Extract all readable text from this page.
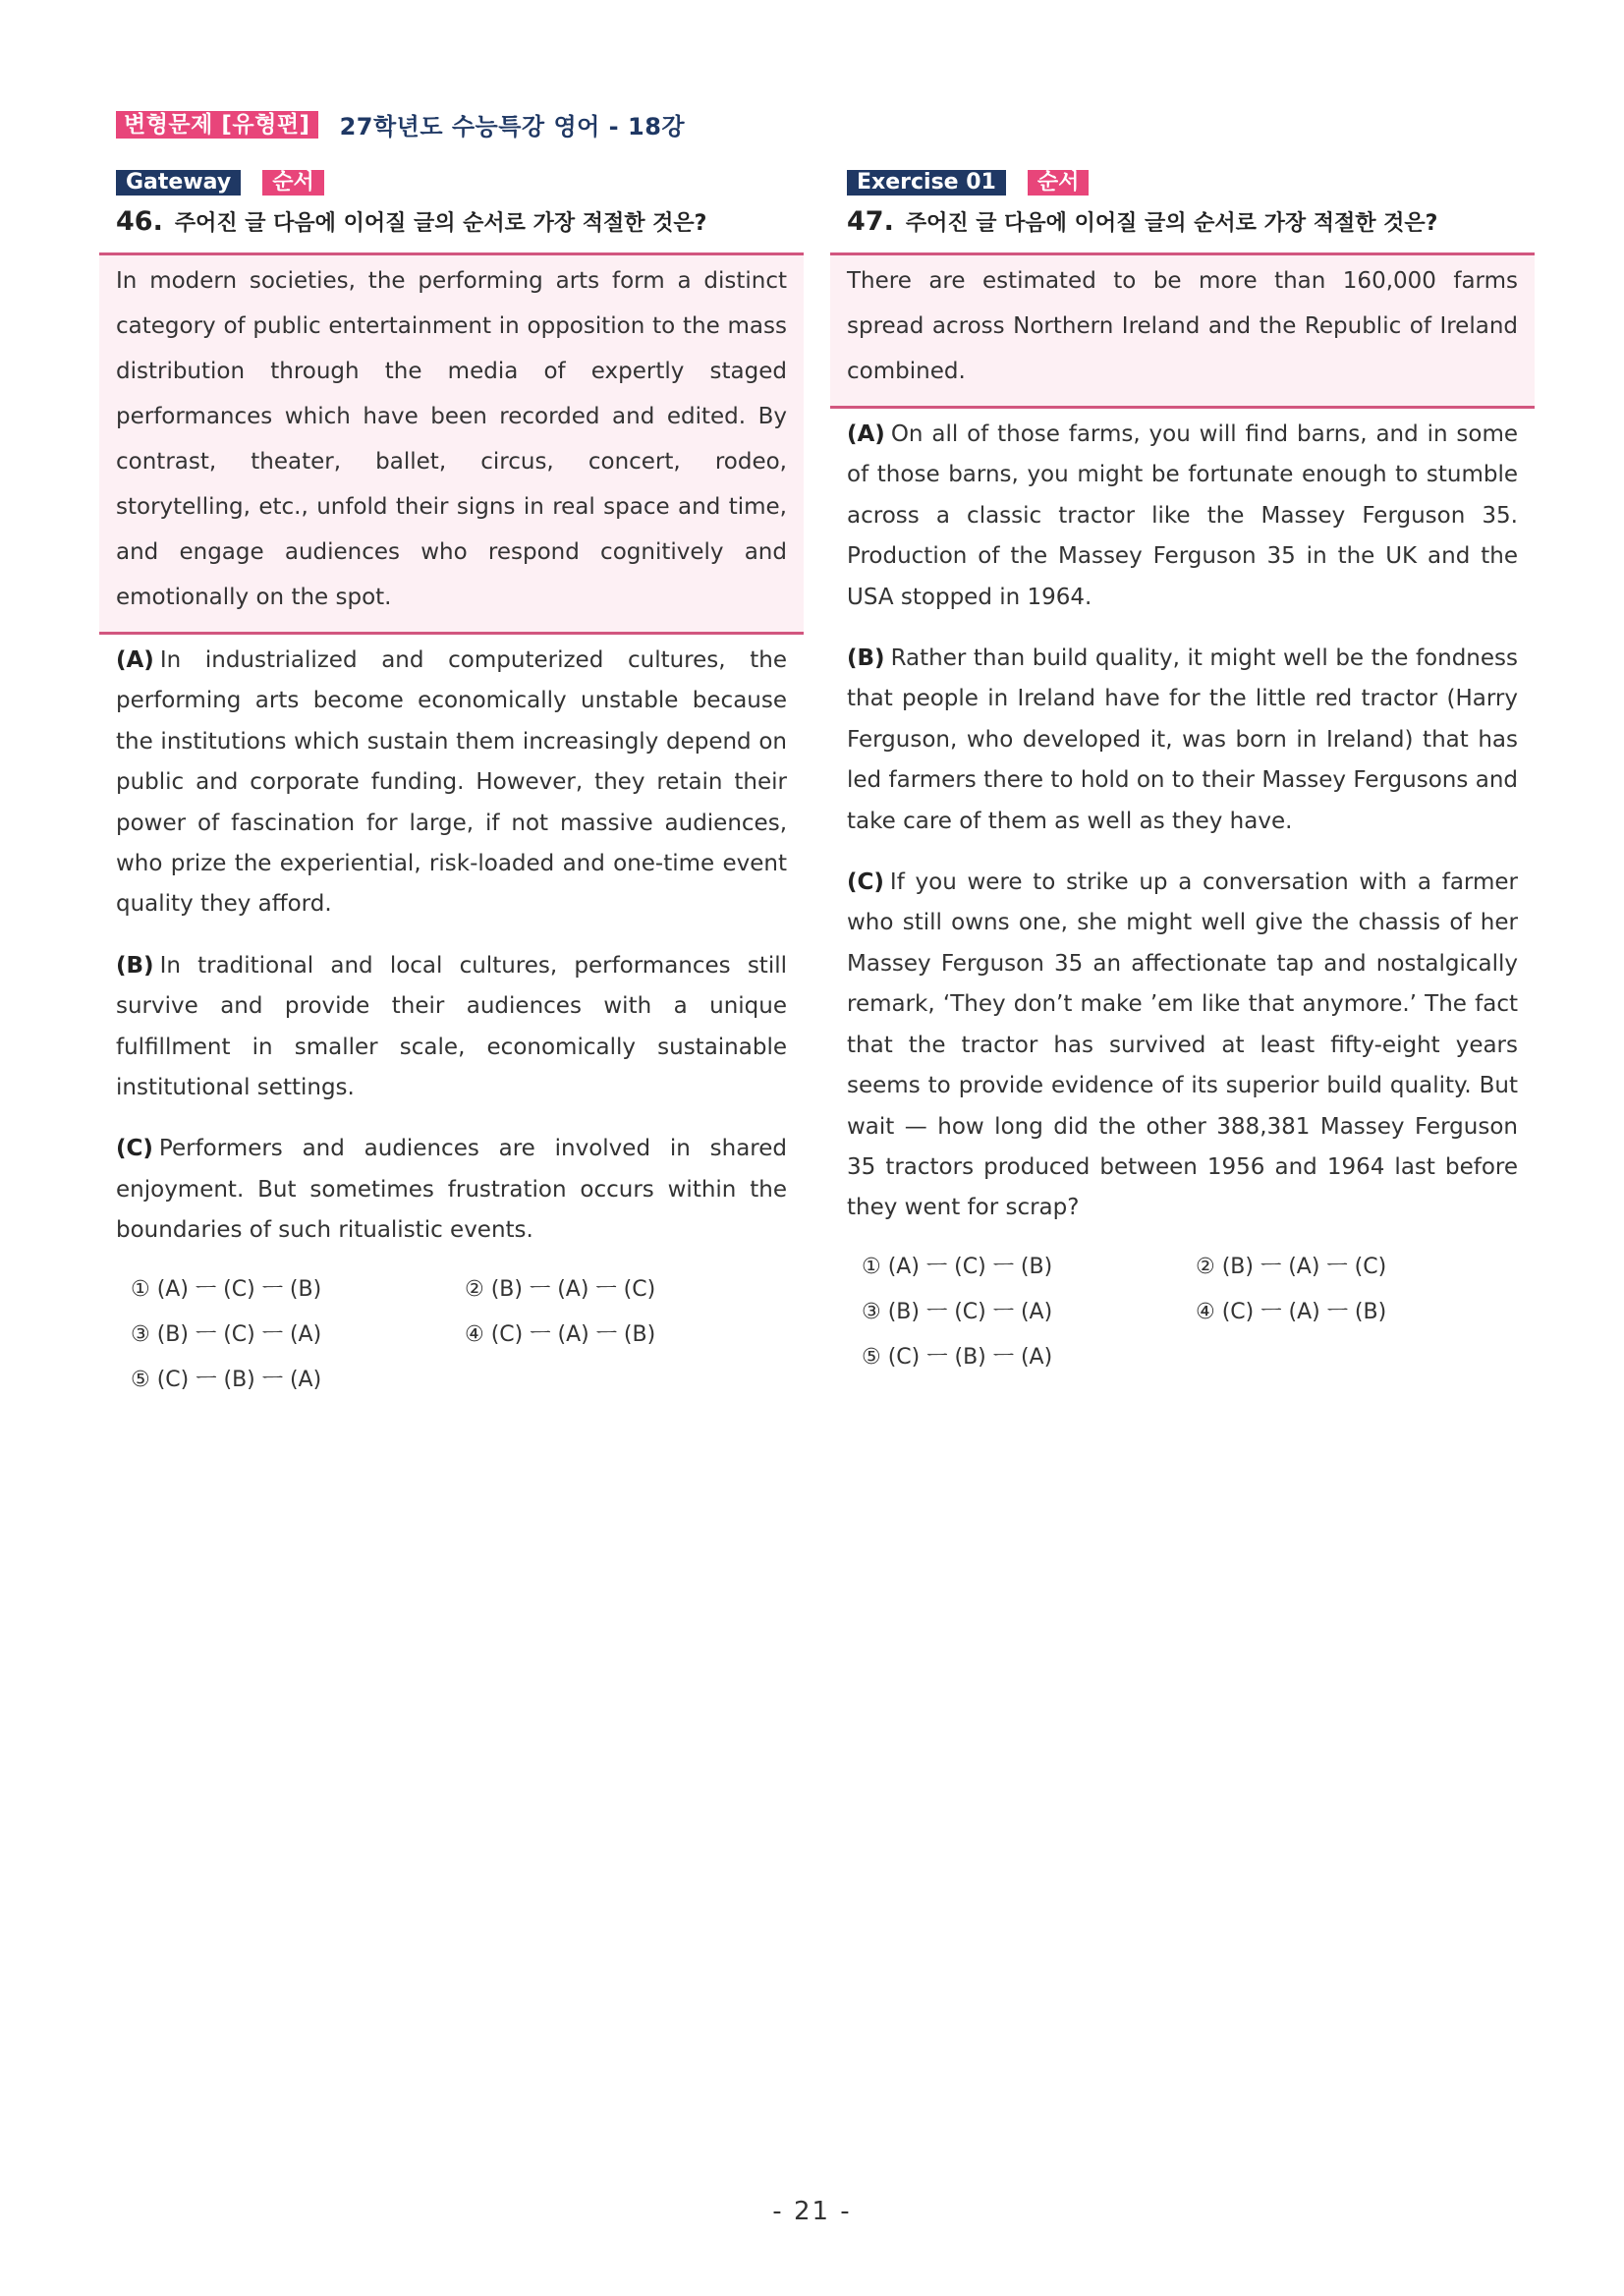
변형문제 [유형편]	27학년도 수능특강 영어 - 18강
Gateway	순서
46. 주어진 글 다음에 이어질 글의 순서로 가장 적절한 것은?

In modern societies, the performing arts form a distinct category of public entertainment in opposition to the mass distribution through the media of expertly staged performances which have been recorded and edited. By contrast, theater, ballet, circus, concert, rodeo, storytelling, etc., unfold their signs in real space and time, and engage audiences who respond cognitively and emotionally on the spot.

(A) In industrialized and computerized cultures, the performing arts become economically unstable because the institutions which sustain them increasingly depend on public and corporate funding. However, they retain their power of fascination for large, if not massive audiences, who prize the experiential, risk-loaded and one-time event quality they afford.

(B) In traditional and local cultures, performances still survive and provide their audiences with a unique fulfillment in smaller scale, economically sustainable institutional settings.

(C) Performers and audiences are involved in shared enjoyment. But sometimes frustration occurs within the boundaries of such ritualistic events.

① (A) ㅡ (C) ㅡ (B)	② (B) ㅡ (A) ㅡ (C)
③ (B) ㅡ (C) ㅡ (A)	④ (C) ㅡ (A) ㅡ (B)
⑤ (C) ㅡ (B) ㅡ (A)
Exercise 01	순서
47. 주어진 글 다음에 이어질 글의 순서로 가장 적절한 것은?

There are estimated to be more than 160,000 farms spread across Northern Ireland and the Republic of Ireland combined.

(A) On all of those farms, you will find barns, and in some of those barns, you might be fortunate enough to stumble across a classic tractor like the Massey Ferguson 35. Production of the Massey Ferguson 35 in the UK and the USA stopped in 1964.

(B) Rather than build quality, it might well be the fondness that people in Ireland have for the little red tractor (Harry Ferguson, who developed it, was born in Ireland) that has led farmers there to hold on to their Massey Fergusons and take care of them as well as they have.

(C) If you were to strike up a conversation with a farmer who still owns one, she might well give the chassis of her Massey Ferguson 35 an affectionate tap and nostalgically remark, ‘They don’t make ’em like that anymore.’ The fact that the tractor has survived at least fifty-eight years seems to provide evidence of its superior build quality. But wait — how long did the other 388,381 Massey Ferguson 35 tractors produced between 1956 and 1964 last before they went for scrap?

① (A) ㅡ (C) ㅡ (B)	② (B) ㅡ (A) ㅡ (C)
③ (B) ㅡ (C) ㅡ (A)	④ (C) ㅡ (A) ㅡ (B)
⑤ (C) ㅡ (B) ㅡ (A)
- 21 -
